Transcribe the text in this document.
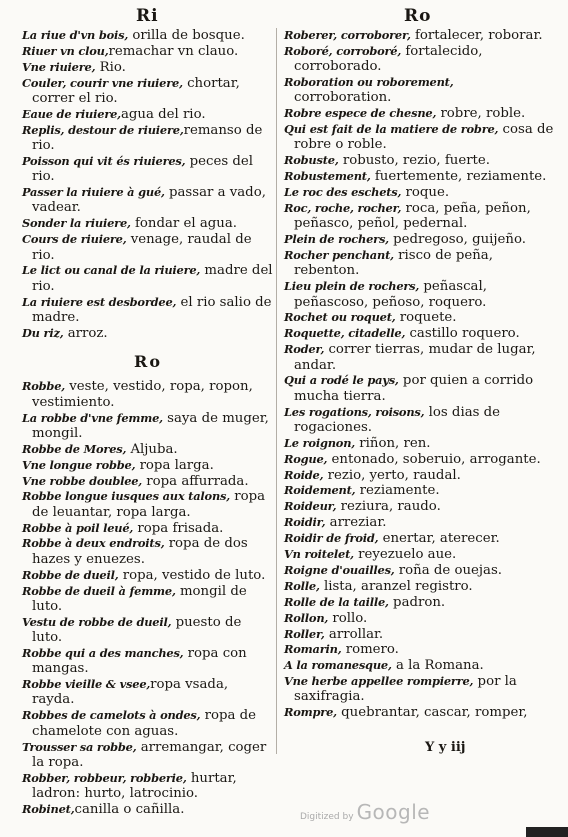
Ri	Ro
La riue d'vn bois, orilla de bosque.
Riuer vn clou,remachar vn clauo.
Vne riuiere, Rio.
Couler, courir vne riuiere, chortar, correr el rio.
Eaue de riuiere,agua del rio.
Replis, destour de riuiere,remanso de rio.
Poisson qui vit és riuieres, peces del rio.
Passer la riuiere à gué, passar a vado, vadear.
Sonder la riuiere, fondar el agua.
Cours de riuiere, venage, raudal de rio.
Le lict ou canal de la riuiere, madre del rio.
La riuiere est desbordee, el rio salio de madre.
Du riz, arroz.
Ro
Robbe, veste, vestido, ropa, ropon, vestimiento.
La robbe d'vne femme, saya de muger, mongil.
Robbe de Mores, Aljuba.
Vne longue robbe, ropa larga.
Vne robbe doublee, ropa affurrada.
Robbe longue iusques aux talons, ropa de leuantar, ropa larga.
Robbe à poil leué, ropa frisada.
Robbe à deux endroits, ropa de dos hazes y enuezes.
Robbe de dueil, ropa, vestido de luto.
Robbe de dueil à femme, mongil de luto.
Vestu de robbe de dueil, puesto de luto.
Robbe qui a des manches, ropa con mangas.
Robbe vieille & vsee,ropa vsada, rayda.
Robbes de camelots à ondes, ropa de chamelote con aguas.
Trousser sa robbe, arremangar, coger la ropa.
Robber, robbeur, robberie, hurtar, ladron: hurto, latrocinio.
Robinet,canilla o cañilla.
Roberer, corroborer, fortalecer, roborar.
Roboré, corroboré, fortalecido, corroborado.
Roboration ou roborement, corroboration.
Robre espece de chesne, robre, roble.
Qui est fait de la matiere de robre, cosa de robre o roble.
Robuste, robusto, rezio, fuerte.
Robustement, fuertemente, reziamente.
Le roc des eschets, roque.
Roc, roche, rocher, roca, peña, peñon, peñasco, peñol, pedernal.
Plein de rochers, pedregoso, guijeño.
Rocher penchant, risco de peña, rebenton.
Lieu plein de rochers, peñascal, peñascoso, peñoso, roquero.
Rochet ou roquet, roquete.
Roquette, citadelle, castillo roquero.
Roder, correr tierras, mudar de lugar, andar.
Qui a rodé le pays, por quien a corrido mucha tierra.
Les rogations, roisons, los dias de rogaciones.
Le roignon, riñon, ren.
Rogue, entonado, soberuio, arrogante.
Roide, rezio, yerto, raudal.
Roidement, reziamente.
Roideur, reziura, raudo.
Roidir, arreziar.
Roidir de froid, enertar, aterecer.
Vn roitelet, reyezuelo aue.
Roigne d'ouailles, roña de ouejas.
Rolle, lista, aranzel registro.
Rolle de la taille, padron.
Rollon, rollo.
Roller, arrollar.
Romarin, romero.
A la romanesque, a la Romana.
Vne herbe appellee rompierre, por la saxifragia.
Rompre, quebrantar, cascar, romper,
Y y iij
Digitized by Google
